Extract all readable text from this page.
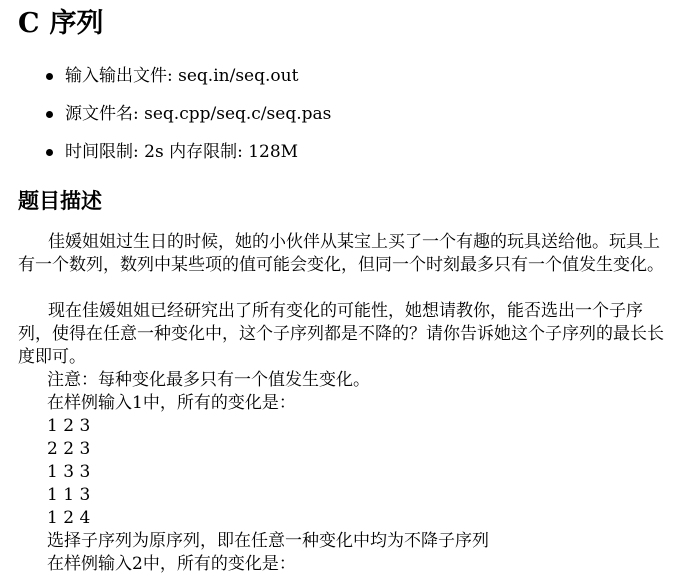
C 序列
输入输出文件: seq.in/seq.out
源文件名: seq.cpp/seq.c/seq.pas
时间限制: 2s 内存限制: 128M
题目描述

佳媛姐姐过生日的时候，她的小伙伴从某宝上买了一个有趣的玩具送给他。玩具上有一个数列，数列中某些项的值可能会变化，但同一个时刻最多只有一个值发生变化。

现在佳媛姐姐已经研究出了所有变化的可能性，她想请教你，能否选出一个子序列，使得在任意一种变化中，这个子序列都是不降的？请你告诉她这个子序列的最长长度即可。

注意：每种变化最多只有一个值发生变化。
在样例输入1中，所有的变化是：
1 2 3
2 2 3
1 3 3
1 1 3
1 2 4
选择子序列为原序列，即在任意一种变化中均为不降子序列
在样例输入2中，所有的变化是：
